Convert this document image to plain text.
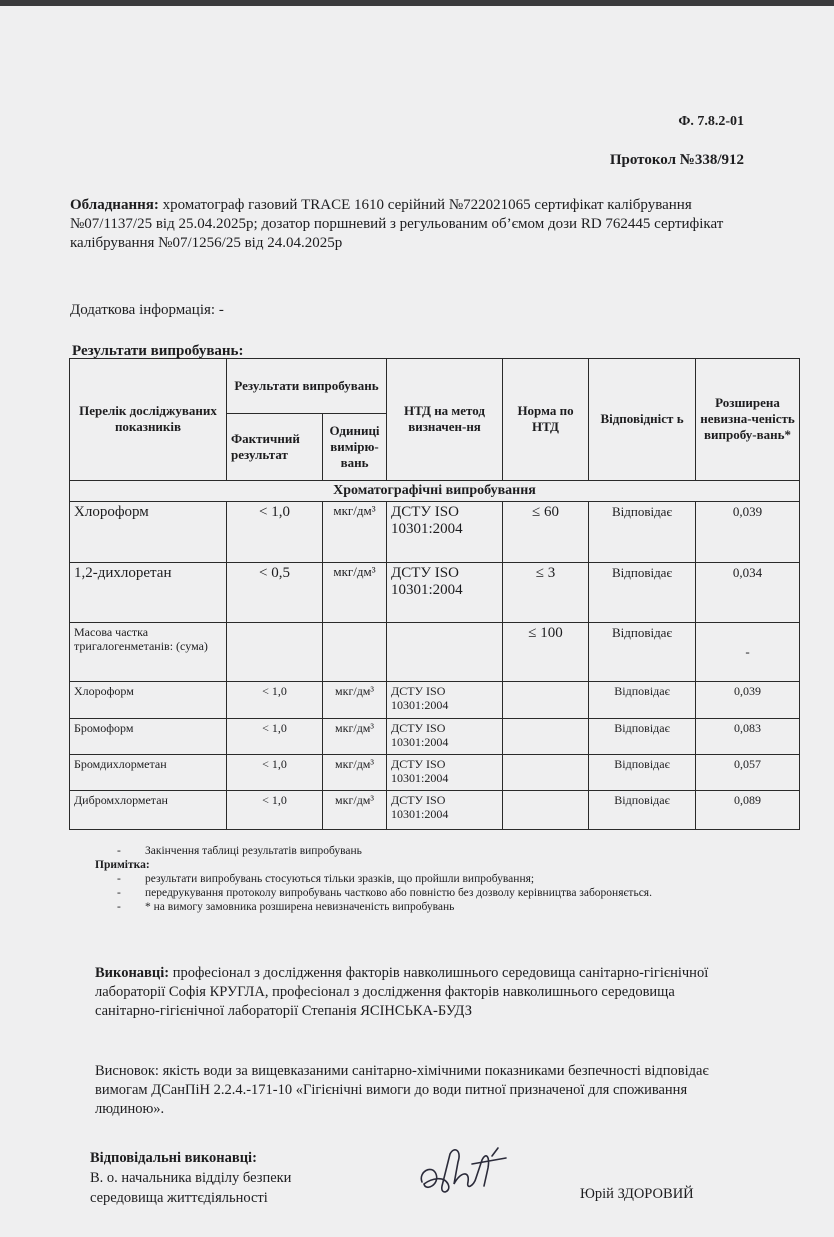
Ф. 7.8.2-01
Протокол №338/912
Обладнання: хроматограф газовий TRACE 1610 серійний №722021065 сертифікат калібрування №07/1137/25 від 25.04.2025р; дозатор поршневий з регульованим об’ємом дози RD 762445 сертифікат калібрування №07/1256/25 від 24.04.2025р
Додаткова інформація: -
Результати випробувань:
Перелік досліджуваних показників	Результати випробувань		НТД на метод визначен-ня	Норма по НТД	Відповідніст ь	Розширена невизна-ченість випробу-вань*
	Фактичний результат	Одиниці вимірю-вань				
Хроматографічні випробування						
Хлороформ	< 1,0	мкг/дм³	ДСТУ ISO 10301:2004	≤ 60	Відповідає	0,039
1,2-дихлоретан	< 0,5	мкг/дм³	ДСТУ ISO 10301:2004	≤ 3	Відповідає	0,034
Масова частка тригалогенметанів: (сума)				≤ 100	Відповідає	-
Хлороформ	< 1,0	мкг/дм³	ДСТУ ISO 10301:2004		Відповідає	0,039
Бромоформ	< 1,0	мкг/дм³	ДСТУ ISO 10301:2004		Відповідає	0,083
Бромдихлорметан	< 1,0	мкг/дм³	ДСТУ ISO 10301:2004		Відповідає	0,057
Дибромхлорметан	< 1,0	мкг/дм³	ДСТУ ISO 10301:2004		Відповідає	0,089
- Закінчення таблиці результатів випробувань
Примітка:
- результати випробувань стосуються тільки зразків, що пройшли випробування;
- передрукування протоколу випробувань частково або повністю без дозволу керівництва забороняється.
- * на вимогу замовника розширена невизначеність випробувань
Виконавці: професіонал з дослідження факторів навколишнього середовища санітарно-гігієнічної лабораторії Софія КРУГЛА, професіонал з дослідження факторів навколишнього середовища санітарно-гігієнічної лабораторії Степанія ЯСІНСЬКА-БУДЗ
Висновок: якість води за вищевказаними санітарно-хімічними показниками безпечності відповідає вимогам ДСанПіН 2.2.4.-171-10 «Гігієнічні вимоги до води питної призначеної для споживання людиною».
Відповідальні виконавці:
В. о. начальника відділу безпеки
середовища життєдіяльності	Юрій ЗДОРОВИЙ
